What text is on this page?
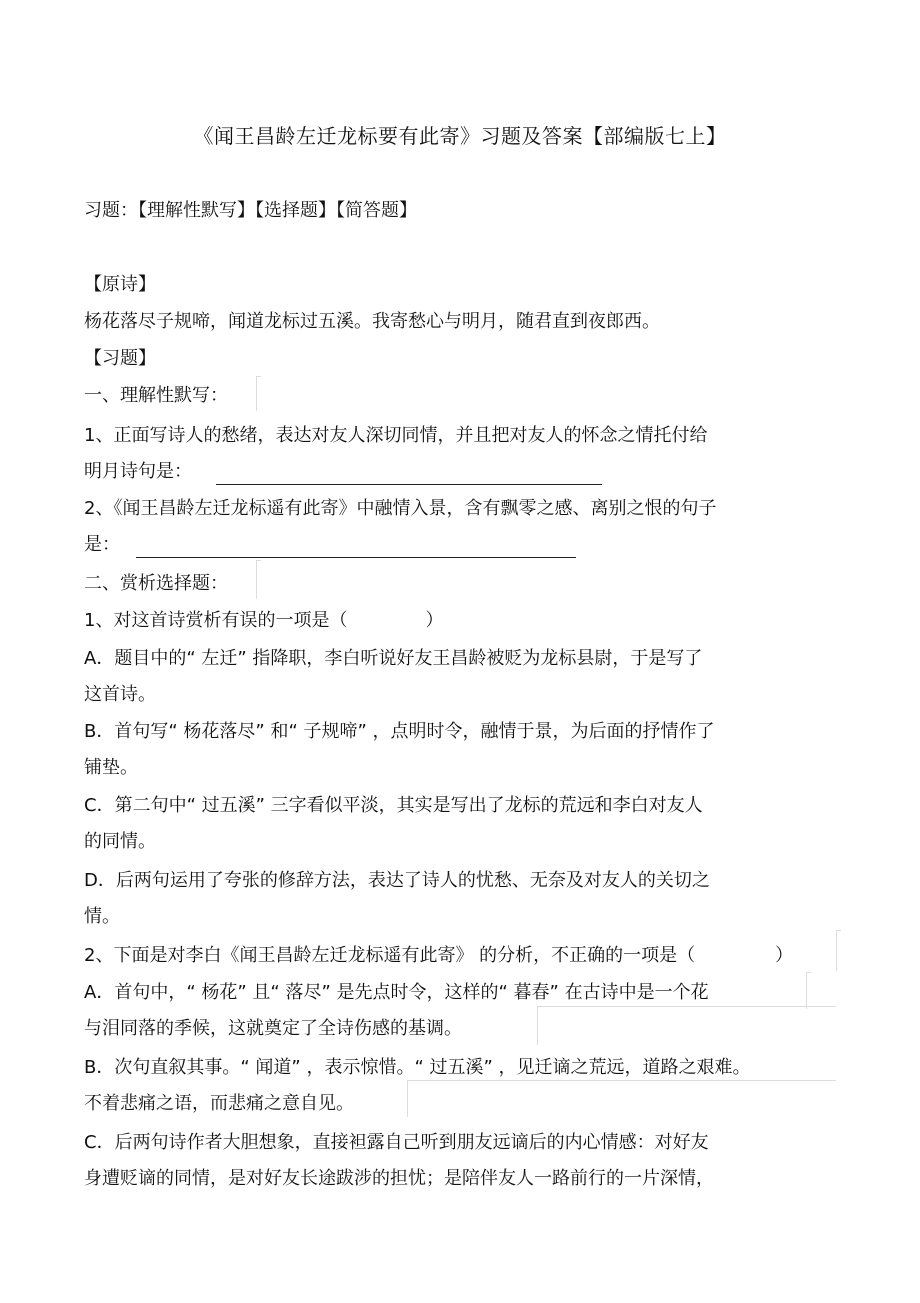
《闻王昌龄左迁龙标要有此寄》习题及答案【部编版七上】
习题：【理解性默写】【选择题】【简答题】
【原诗】
杨花落尽子规啼，闻道龙标过五溪。我寄愁心与明月，随君直到夜郎西。
【习题】
一、理解性默写：
1、正面写诗人的愁绪，表达对友人深切同情，并且把对友人的怀念之情托付给
明月诗句是：
2、《闻王昌龄左迁龙标遥有此寄》中融情入景，含有飘零之感、离别之恨的句子
是：
二、赏析选择题：
1、对这首诗赏析有误的一项是（	）
A．题目中的“ 左迁” 指降职，李白听说好友王昌龄被贬为龙标县尉，于是写了
这首诗。
B．首句写“ 杨花落尽” 和“ 子规啼” ，点明时令，融情于景，为后面的抒情作了
铺垫。
C．第二句中“ 过五溪” 三字看似平淡，其实是写出了龙标的荒远和李白对友人
的同情。
D．后两句运用了夸张的修辞方法，表达了诗人的忧愁、无奈及对友人的关切之
情。
2、下面是对李白《闻王昌龄左迁龙标遥有此寄》 的分析，不正确的一项是（	）
A．首句中，“ 杨花” 且“ 落尽” 是先点时令，这样的“ 暮春” 在古诗中是一个花
与泪同落的季候，这就奠定了全诗伤感的基调。
B．次句直叙其事。“ 闻道” ，表示惊惜。“ 过五溪” ，见迁谪之荒远，道路之艰难。
不着悲痛之语，而悲痛之意自见。
C．后两句诗作者大胆想象，直接袒露自己听到朋友远谪后的内心情感：对好友
身遭贬谪的同情，是对好友长途跋涉的担忧；是陪伴友人一路前行的一片深情，
